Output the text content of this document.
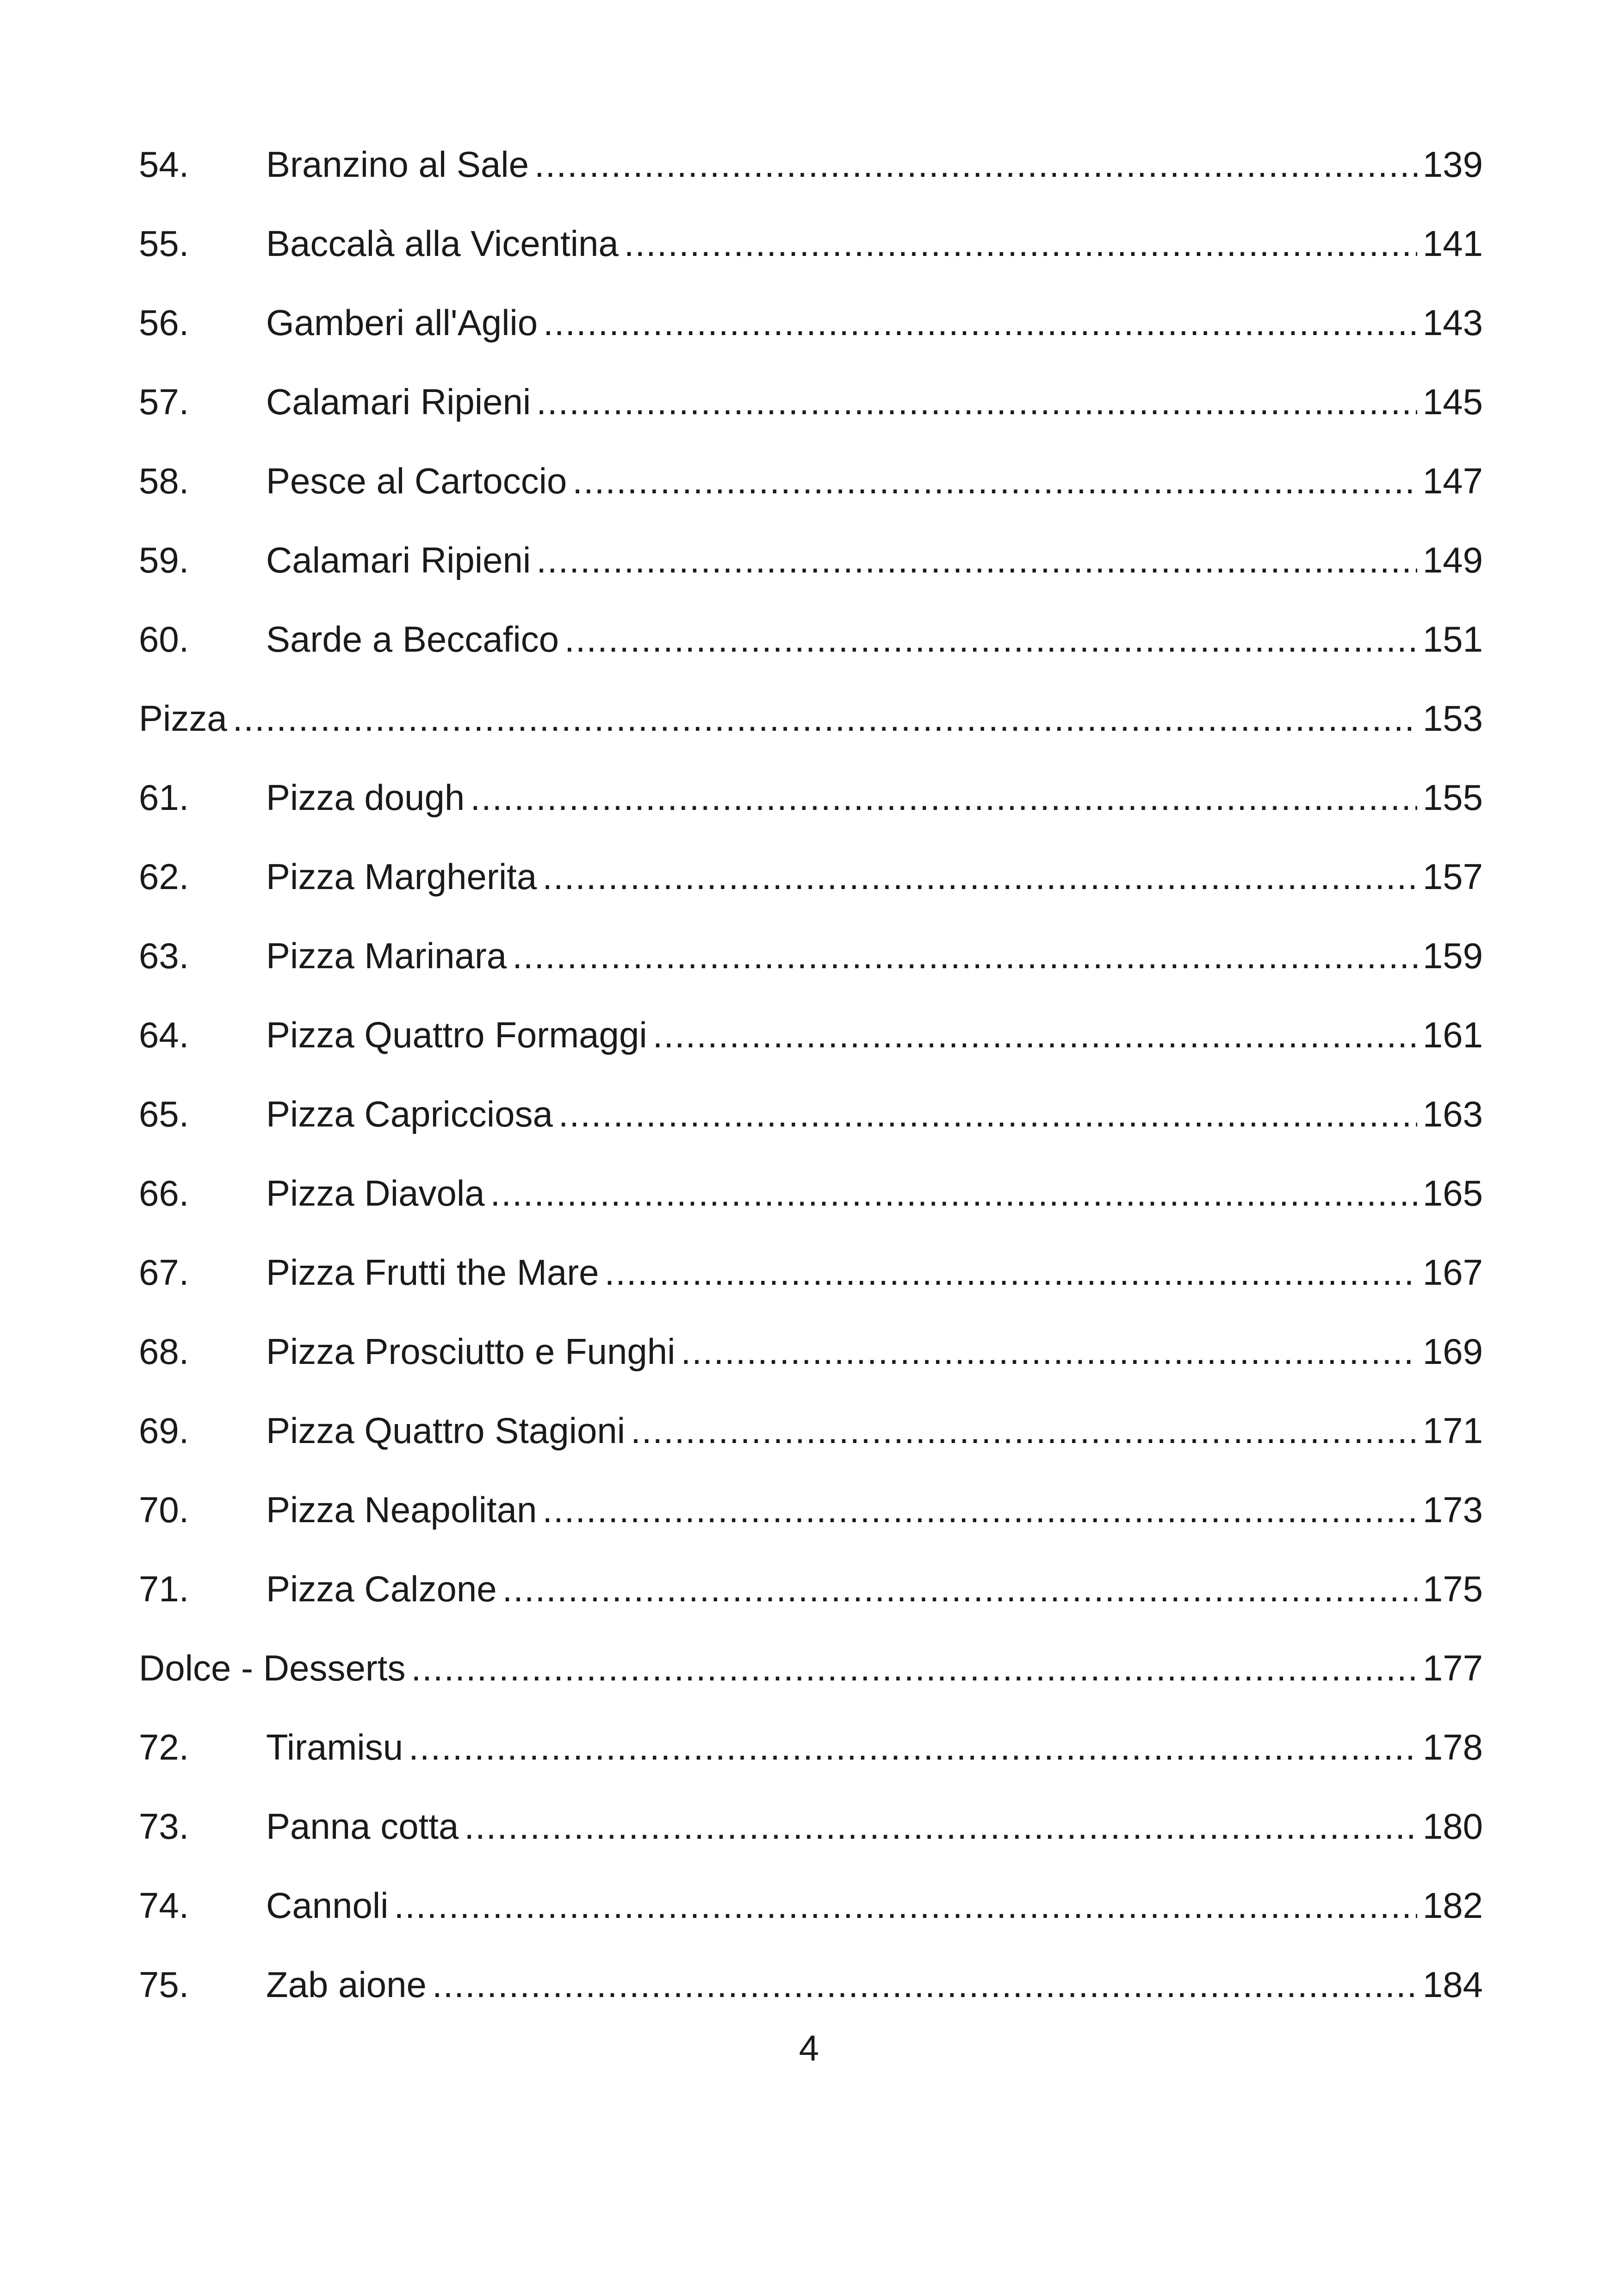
54.	Branzino al Sale .....	139
55.	Baccalà alla Vicentina .....	141
56.	Gamberi all'Aglio .....	143
57.	Calamari Ripieni .....	145
58.	Pesce al Cartoccio .....	147
59.	Calamari Ripieni .....	149
60.	Sarde a Beccafico .....	151
Pizza .....	153
61.	Pizza dough .....	155
62.	Pizza Margherita .....	157
63.	Pizza Marinara .....	159
64.	Pizza Quattro Formaggi .....	161
65.	Pizza Capricciosa .....	163
66.	Pizza Diavola .....	165
67.	Pizza Frutti the Mare .....	167
68.	Pizza Prosciutto e Funghi .....	169
69.	Pizza Quattro Stagioni .....	171
70.	Pizza Neapolitan .....	173
71.	Pizza Calzone .....	175
Dolce - Desserts .....	177
72.	Tiramisu .....	178
73.	Panna cotta .....	180
74.	Cannoli .....	182
75.	Zab aione .....	184
4
